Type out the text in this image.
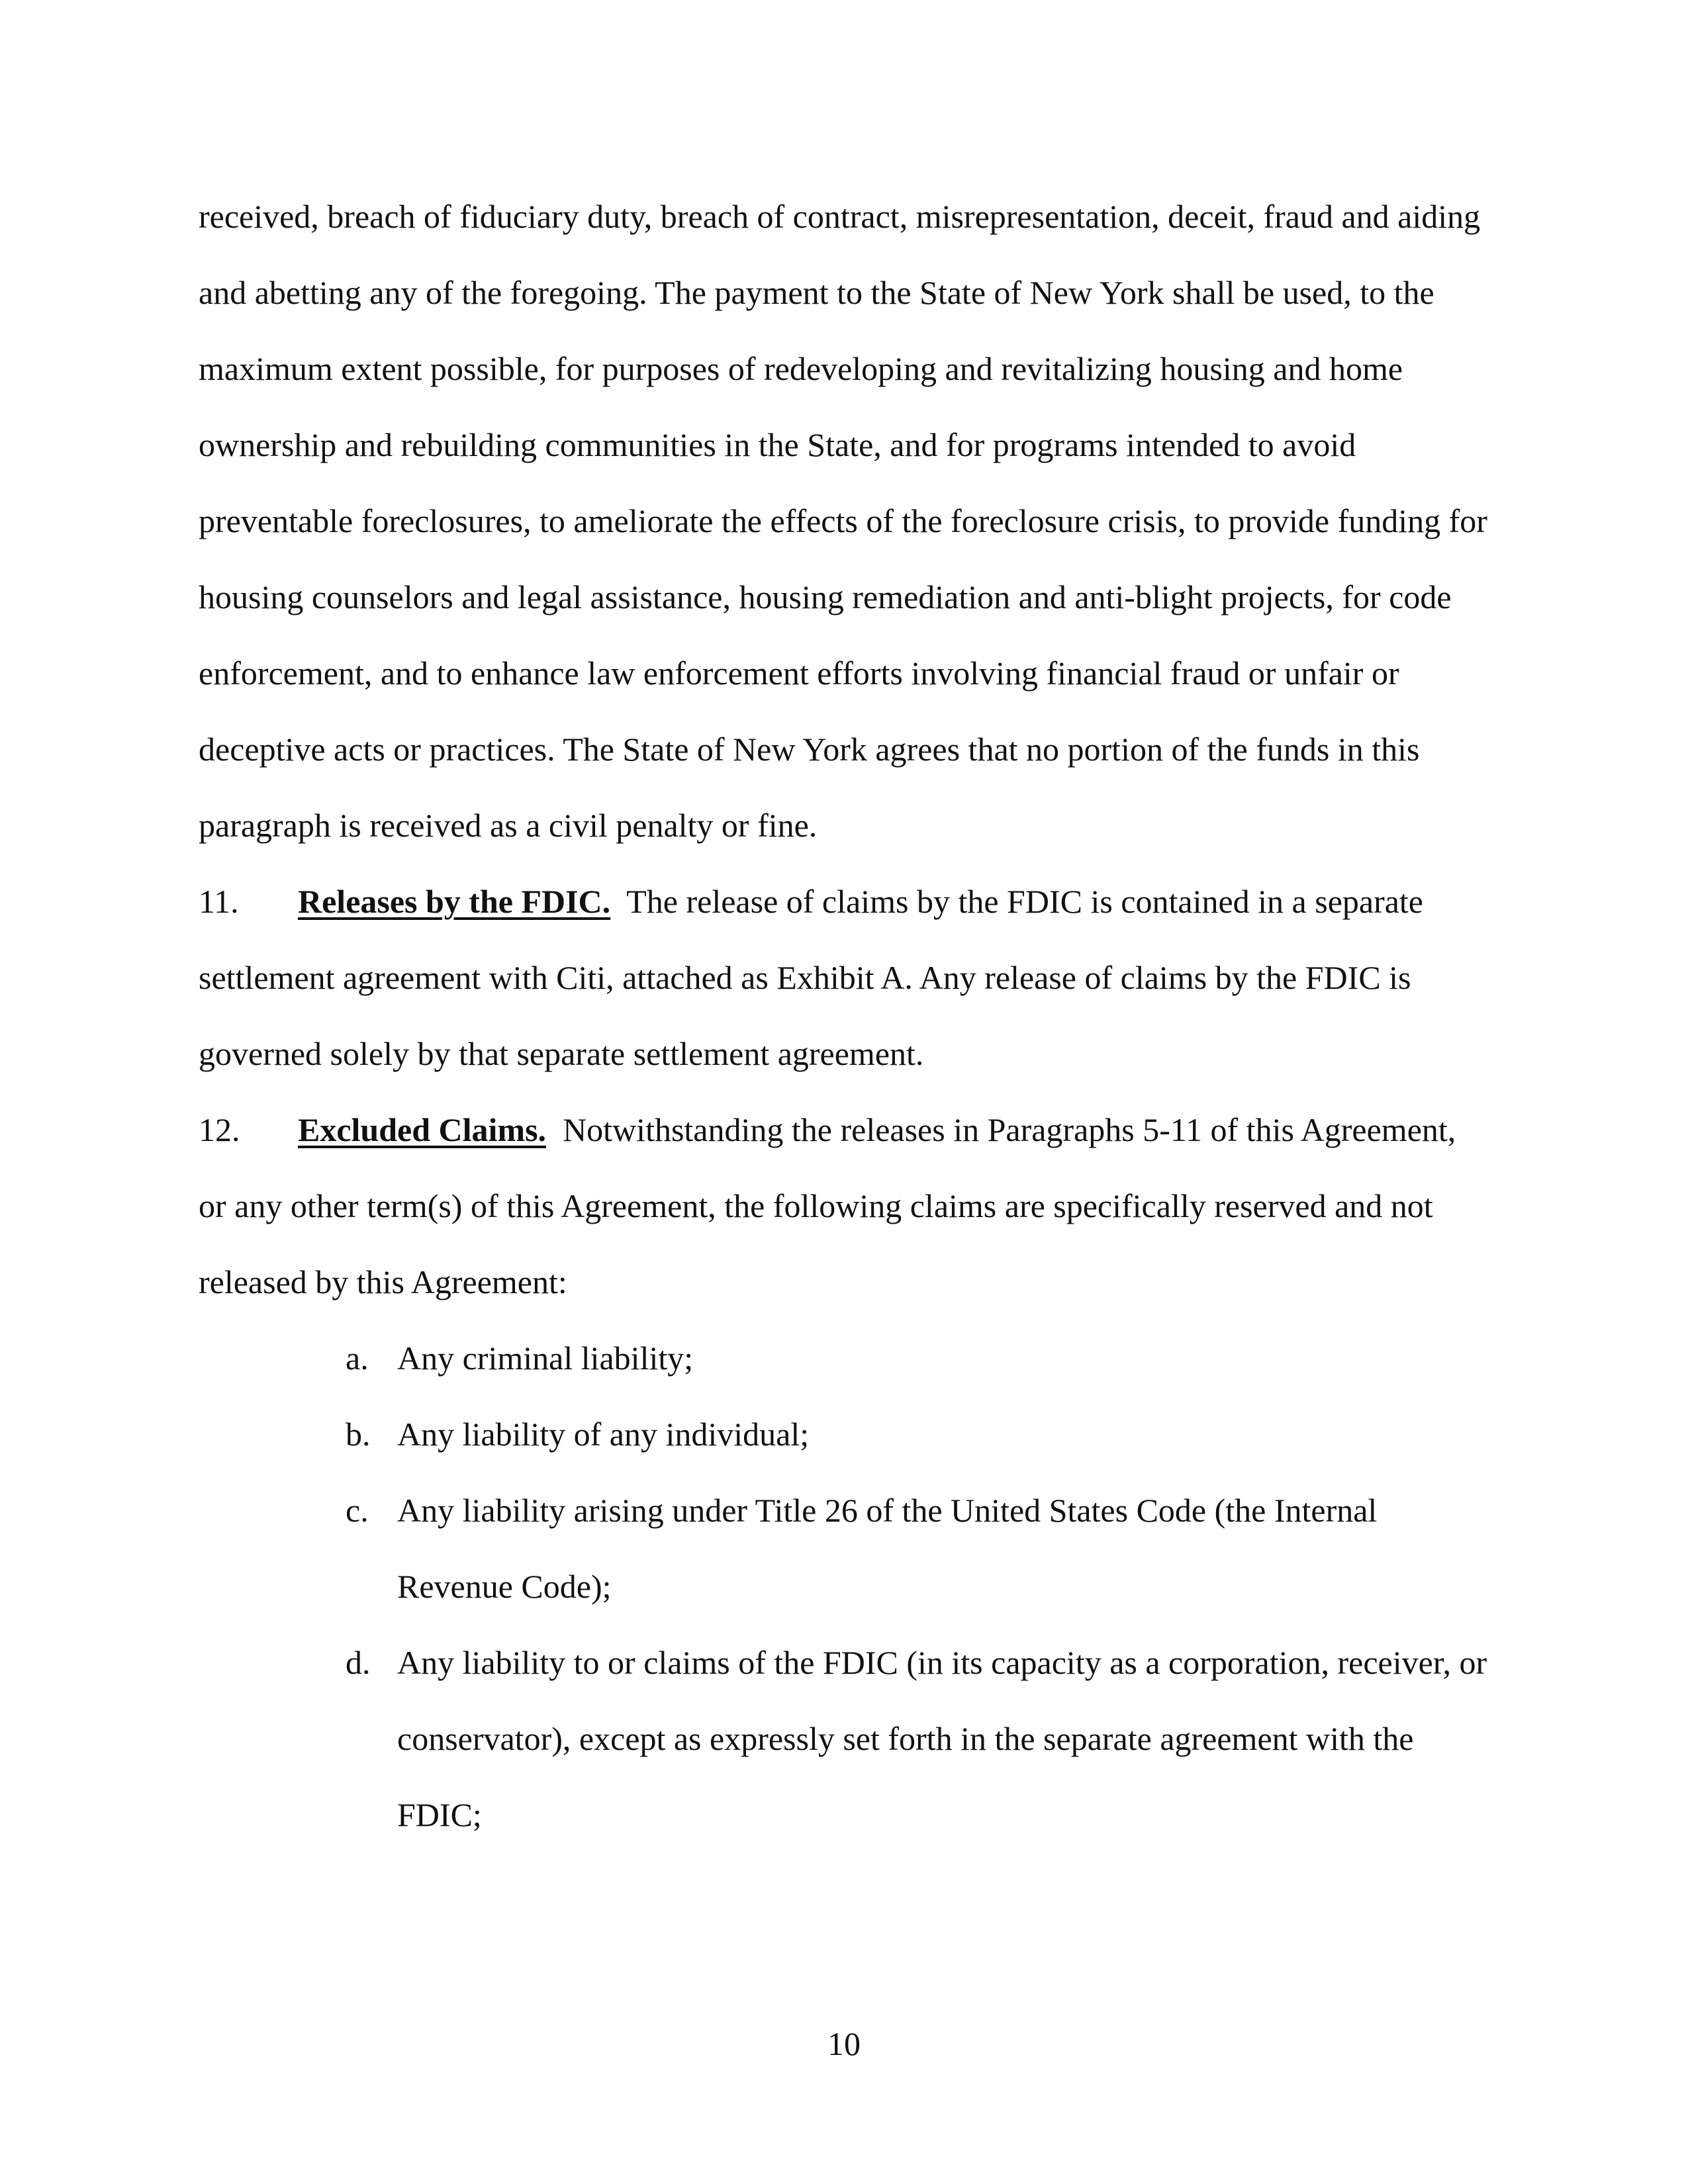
received, breach of fiduciary duty, breach of contract, misrepresentation, deceit, fraud and aiding
and abetting any of the foregoing. The payment to the State of New York shall be used, to the
maximum extent possible, for purposes of redeveloping and revitalizing housing and home
ownership and rebuilding communities in the State, and for programs intended to avoid
preventable foreclosures, to ameliorate the effects of the foreclosure crisis, to provide funding for
housing counselors and legal assistance, housing remediation and anti-blight projects, for code
enforcement, and to enhance law enforcement efforts involving financial fraud or unfair or
deceptive acts or practices. The State of New York agrees that no portion of the funds in this
paragraph is received as a civil penalty or fine.
11. Releases by the FDIC.  The release of claims by the FDIC is contained in a separate
settlement agreement with Citi, attached as Exhibit A. Any release of claims by the FDIC is
governed solely by that separate settlement agreement.
12. Excluded Claims.  Notwithstanding the releases in Paragraphs 5-11 of this Agreement,
or any other term(s) of this Agreement, the following claims are specifically reserved and not
released by this Agreement:
a. Any criminal liability;
b. Any liability of any individual;
c. Any liability arising under Title 26 of the United States Code (the Internal
Revenue Code);
d. Any liability to or claims of the FDIC (in its capacity as a corporation, receiver, or
conservator), except as expressly set forth in the separate agreement with the
FDIC;
10
